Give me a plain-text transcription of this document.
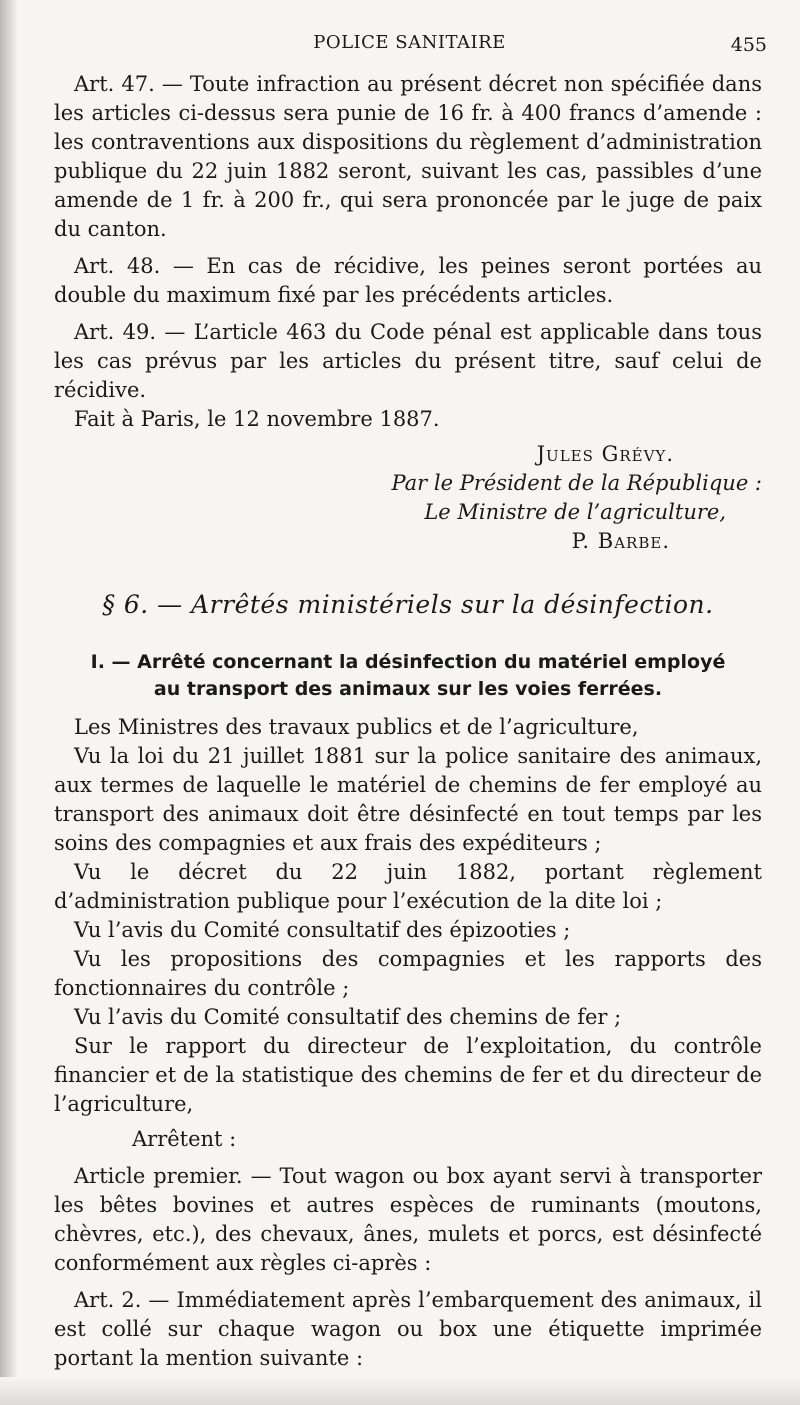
POLICE SANITAIRE	455

Art. 47. — Toute infraction au présent décret non spécifiée dans les articles ci-dessus sera punie de 16 fr. à 400 francs d’amende : les contraventions aux dispositions du règlement d’administration publique du 22 juin 1882 seront, suivant les cas, passibles d’une amende de 1 fr. à 200 fr., qui sera prononcée par le juge de paix du canton.

Art. 48. — En cas de récidive, les peines seront portées au double du maximum fixé par les précédents articles.

Art. 49. — L’article 463 du Code pénal est applicable dans tous les cas prévus par les articles du présent titre, sauf celui de récidive.

Fait à Paris, le 12 novembre 1887.

Jules Grévy.

Par le Président de la République :

Le Ministre de l’agriculture,

P. Barbe.

§ 6. — Arrêtés ministériels sur la désinfection.
I. — Arrêté concernant la désinfection du matériel employé
au transport des animaux sur les voies ferrées.

Les Ministres des travaux publics et de l’agriculture,

Vu la loi du 21 juillet 1881 sur la police sanitaire des animaux, aux termes de laquelle le matériel de chemins de fer employé au transport des animaux doit être désinfecté en tout temps par les soins des compagnies et aux frais des expéditeurs ;

Vu le décret du 22 juin 1882, portant règlement d’administration publique pour l’exécution de la dite loi ;

Vu l’avis du Comité consultatif des épizooties ;

Vu les propositions des compagnies et les rapports des fonctionnaires du contrôle ;

Vu l’avis du Comité consultatif des chemins de fer ;

Sur le rapport du directeur de l’exploitation, du contrôle financier et de la statistique des chemins de fer et du directeur de l’agriculture,

Arrêtent :

Article premier. — Tout wagon ou box ayant servi à transporter les bêtes bovines et autres espèces de ruminants (moutons, chèvres, etc.), des chevaux, ânes, mulets et porcs, est désinfecté conformément aux règles ci-après :

Art. 2. — Immédiatement après l’embarquement des animaux, il est collé sur chaque wagon ou box une étiquette imprimée portant la mention suivante :
